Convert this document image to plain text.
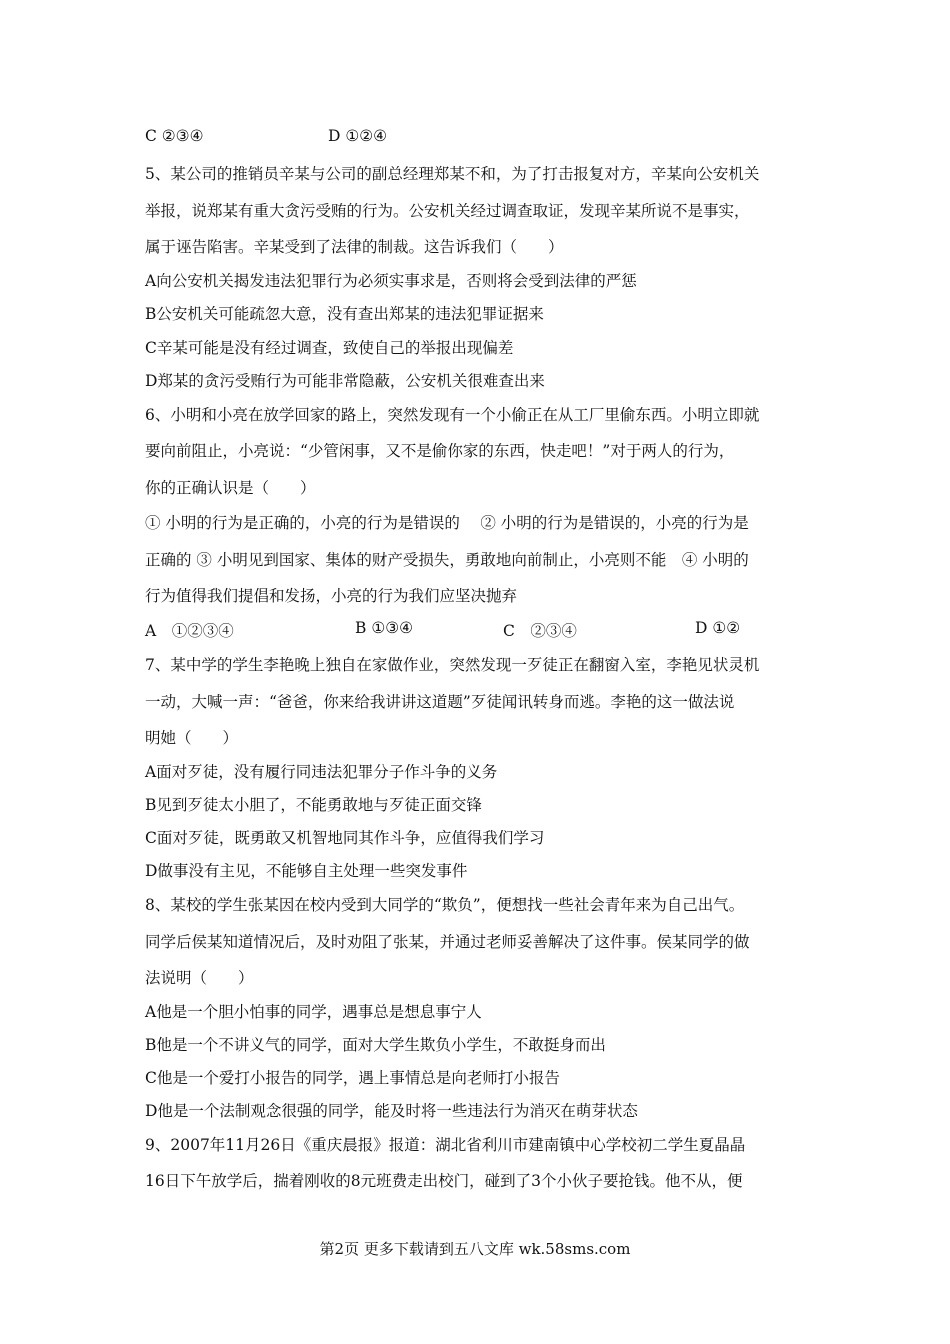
C ②③④	D ①②④
5、某公司的推销员辛某与公司的副总经理郑某不和，为了打击报复对方，辛某向公安机关
举报，说郑某有重大贪污受贿的行为。公安机关经过调查取证，发现辛某所说不是事实，
属于诬告陷害。辛某受到了法律的制裁。这告诉我们（　　）
A向公安机关揭发违法犯罪行为必须实事求是，否则将会受到法律的严惩
B公安机关可能疏忽大意，没有查出郑某的违法犯罪证据来
C辛某可能是没有经过调查，致使自己的举报出现偏差
D郑某的贪污受贿行为可能非常隐蔽，公安机关很难查出来
6、小明和小亮在放学回家的路上，突然发现有一个小偷正在从工厂里偷东西。小明立即就
要向前阻止，小亮说：“少管闲事，又不是偷你家的东西，快走吧！”对于两人的行为，
你的正确认识是（　　）
① 小明的行为是正确的，小亮的行为是错误的　 ② 小明的行为是错误的，小亮的行为是
正确的 ③ 小明见到国家、集体的财产受损失，勇敢地向前制止，小亮则不能　④ 小明的
行为值得我们提倡和发扬，小亮的行为我们应坚决抛弃
A　①②③④	B ①③④	C　②③④	D ①②
7、某中学的学生李艳晚上独自在家做作业，突然发现一歹徒正在翻窗入室，李艳见状灵机
一动，大喊一声：“爸爸，你来给我讲讲这道题”歹徒闻讯转身而逃。李艳的这一做法说
明她（　　）
A面对歹徒，没有履行同违法犯罪分子作斗争的义务
B见到歹徒太小胆了，不能勇敢地与歹徒正面交锋
C面对歹徒，既勇敢又机智地同其作斗争，应值得我们学习
D做事没有主见，不能够自主处理一些突发事件
8、某校的学生张某因在校内受到大同学的“欺负”，便想找一些社会青年来为自己出气。
同学后侯某知道情况后，及时劝阻了张某，并通过老师妥善解决了这件事。侯某同学的做
法说明（　　）
A他是一个胆小怕事的同学，遇事总是想息事宁人
B他是一个不讲义气的同学，面对大学生欺负小学生，不敢挺身而出
C他是一个爱打小报告的同学，遇上事情总是向老师打小报告
D他是一个法制观念很强的同学，能及时将一些违法行为消灭在萌芽状态
9、2007年11月26日《重庆晨报》报道：湖北省利川市建南镇中心学校初二学生夏晶晶
16日下午放学后，揣着刚收的8元班费走出校门，碰到了3个小伙子要抢钱。他不从，便
第2页 更多下载请到五八文库 wk.58sms.com
